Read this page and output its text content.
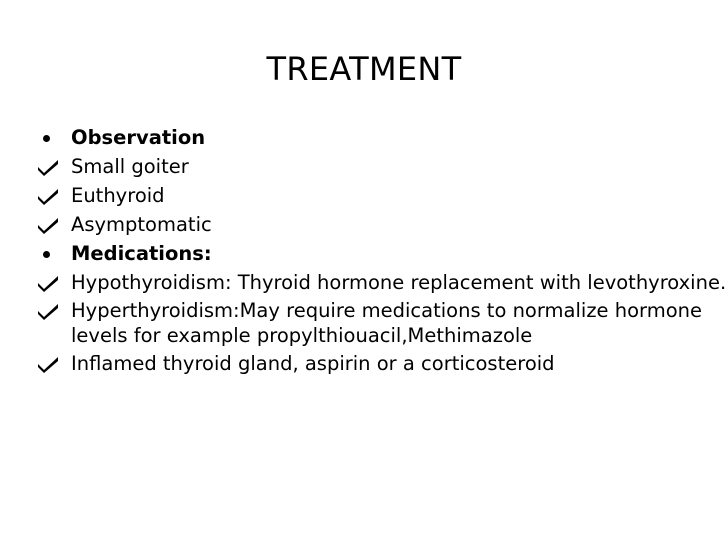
TREATMENT
Observation
Small goiter
Euthyroid
Asymptomatic
Medications:
Hypothyroidism: Thyroid hormone replacement with levothyroxine.
Hyperthyroidism:May require medications to normalize hormone levels for example propylthiouacil,Methimazole
Inflamed thyroid gland, aspirin or a corticosteroid
